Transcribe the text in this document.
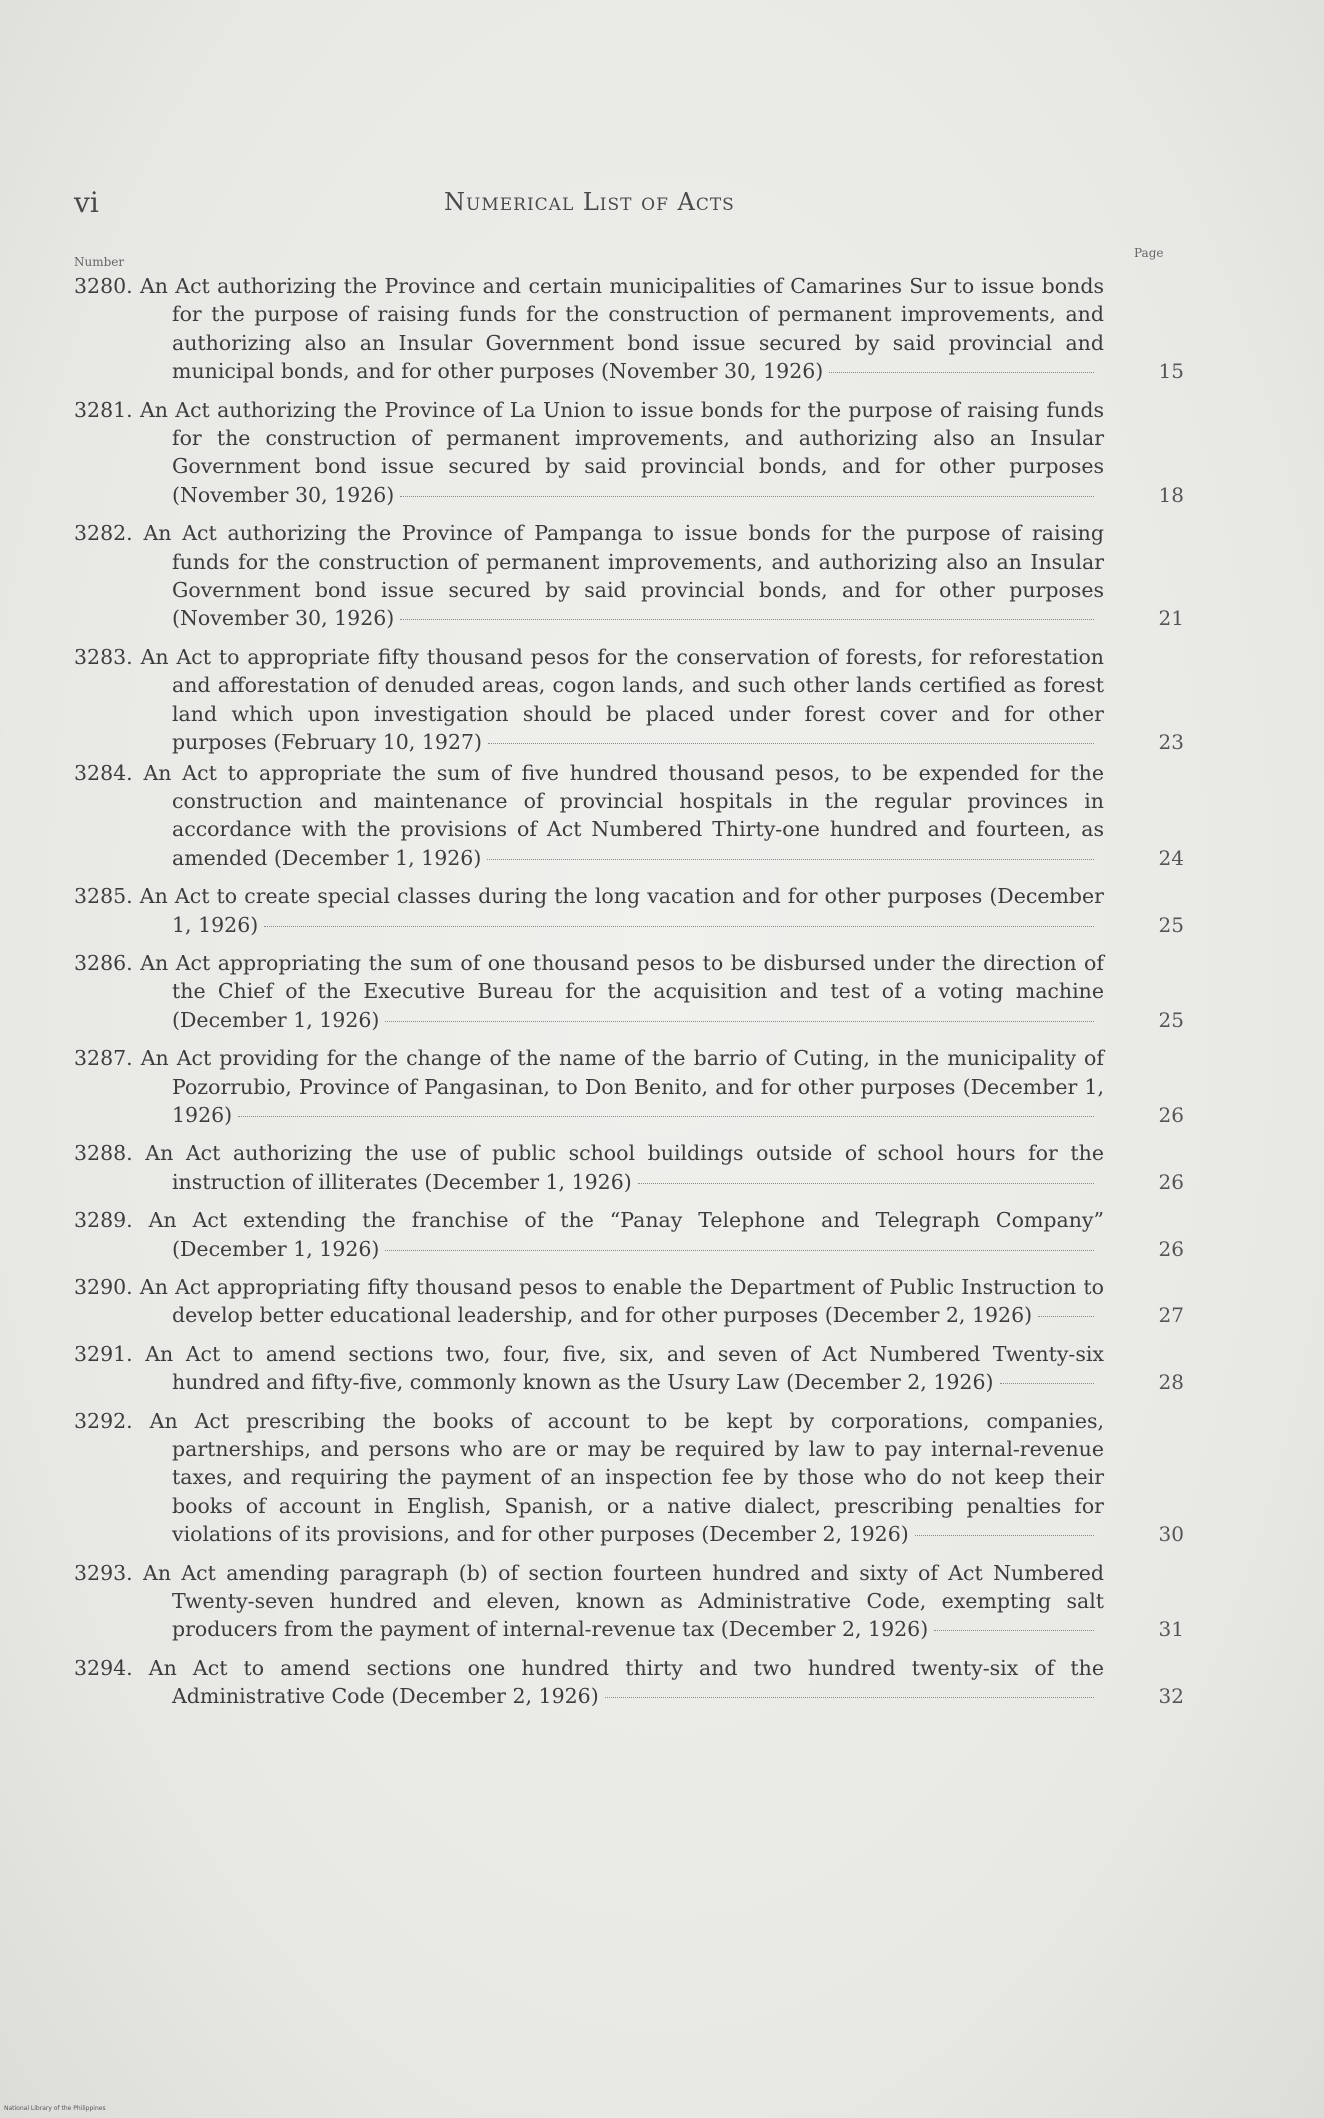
vi	Numerical List of Acts
Number
Page
3280. An Act authorizing the Province and certain municipalities of Camarines Sur to issue bonds for the purpose of raising funds for the construction of permanent improvements, and authorizing also an Insular Government bond issue secured by said provincial and municipal bonds, and for other purposes (November 30, 1926)	15
3281. An Act authorizing the Province of La Union to issue bonds for the purpose of raising funds for the construction of permanent improvements, and authorizing also an Insular Government bond issue secured by said provincial bonds, and for other purposes (November 30, 1926)	18
3282. An Act authorizing the Province of Pampanga to issue bonds for the purpose of raising funds for the construction of permanent improvements, and authorizing also an Insular Government bond issue secured by said provincial bonds, and for other purposes (November 30, 1926)	21
3283. An Act to appropriate fifty thousand pesos for the conservation of forests, for reforestation and afforestation of denuded areas, cogon lands, and such other lands certified as forest land which upon investigation should be placed under forest cover and for other purposes (February 10, 1927)	23
3284. An Act to appropriate the sum of five hundred thousand pesos, to be expended for the construction and maintenance of provincial hospitals in the regular provinces in accordance with the provisions of Act Numbered Thirty-one hundred and fourteen, as amended (December 1, 1926)	24
3285. An Act to create special classes during the long vacation and for other purposes (December 1, 1926)	25
3286. An Act appropriating the sum of one thousand pesos to be disbursed under the direction of the Chief of the Executive Bureau for the acquisition and test of a voting machine (December 1, 1926)	25
3287. An Act providing for the change of the name of the barrio of Cuting, in the municipality of Pozorrubio, Province of Pangasinan, to Don Benito, and for other purposes (December 1, 1926)	26
3288. An Act authorizing the use of public school buildings outside of school hours for the instruction of illiterates (December 1, 1926)	26
3289. An Act extending the franchise of the “Panay Telephone and Telegraph Company” (December 1, 1926)	26
3290. An Act appropriating fifty thousand pesos to enable the Department of Public Instruction to develop better educational leadership, and for other purposes (December 2, 1926)	27
3291. An Act to amend sections two, four, five, six, and seven of Act Numbered Twenty-six hundred and fifty-five, commonly known as the Usury Law (December 2, 1926)	28
3292. An Act prescribing the books of account to be kept by corporations, companies, partnerships, and persons who are or may be required by law to pay internal-revenue taxes, and requiring the payment of an inspection fee by those who do not keep their books of account in English, Spanish, or a native dialect, prescribing penalties for violations of its provisions, and for other purposes (December 2, 1926)	30
3293. An Act amending paragraph (b) of section fourteen hundred and sixty of Act Numbered Twenty-seven hundred and eleven, known as Administrative Code, exempting salt producers from the payment of internal-revenue tax (December 2, 1926)	31
3294. An Act to amend sections one hundred thirty and two hundred twenty-six of the Administrative Code (December 2, 1926)	32
National Library of the Philippines
